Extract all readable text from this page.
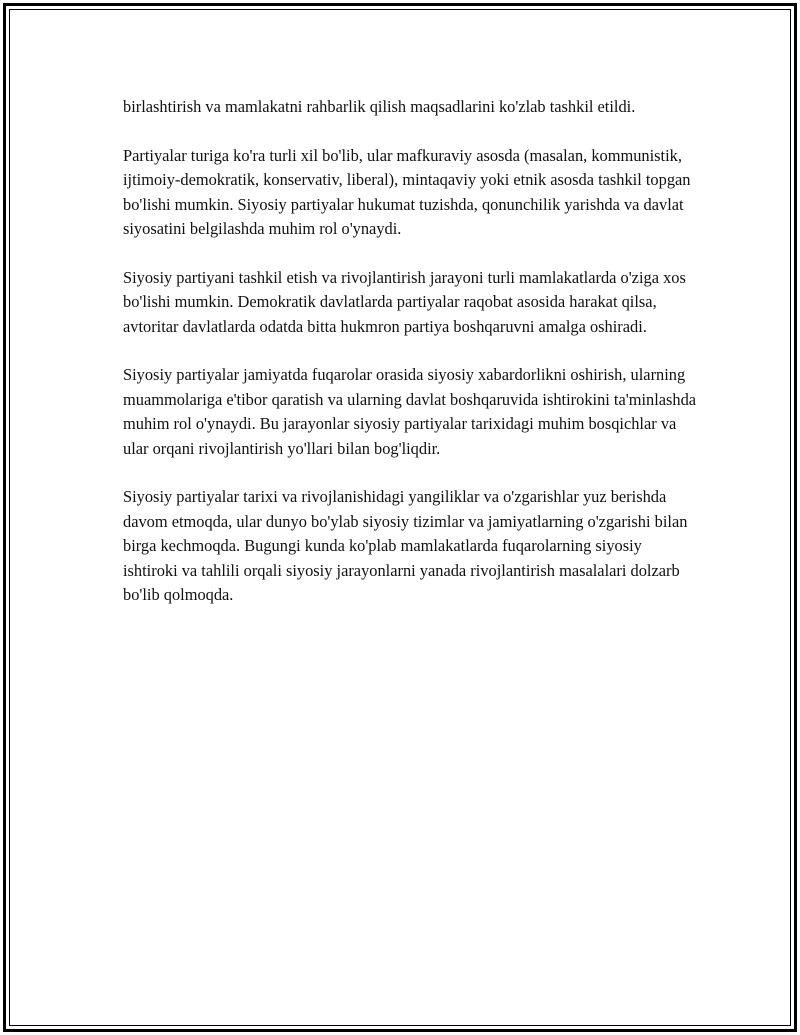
birlashtirish va mamlakatni rahbarlik qilish maqsadlarini ko'zlab tashkil etildi.

Partiyalar turiga ko'ra turli xil bo'lib, ular mafkuraviy asosda (masalan, kommunistik, ijtimoiy-demokratik, konservativ, liberal), mintaqaviy yoki etnik asosda tashkil topgan bo'lishi mumkin. Siyosiy partiyalar hukumat tuzishda, qonunchilik yarishda va davlat siyosatini belgilashda muhim rol o'ynaydi.

Siyosiy partiyani tashkil etish va rivojlantirish jarayoni turli mamlakatlarda o'ziga xos bo'lishi mumkin. Demokratik davlatlarda partiyalar raqobat asosida harakat qilsa, avtoritar davlatlarda odatda bitta hukmron partiya boshqaruvni amalga oshiradi.

Siyosiy partiyalar jamiyatda fuqarolar orasida siyosiy xabardorlikni oshirish, ularning muammolariga e'tibor qaratish va ularning davlat boshqaruvida ishtirokini ta'minlashda muhim rol o'ynaydi. Bu jarayonlar siyosiy partiyalar tarixidagi muhim bosqichlar va ular orqani rivojlantirish yo'llari bilan bog'liqdir.

Siyosiy partiyalar tarixi va rivojlanishidagi yangiliklar va o'zgarishlar yuz berishda davom etmoqda, ular dunyo bo'ylab siyosiy tizimlar va jamiyatlarning o'zgarishi bilan birga kechmoqda. Bugungi kunda ko'plab mamlakatlarda fuqarolarning siyosiy ishtiroki va tahlili orqali siyosiy jarayonlarni yanada rivojlantirish masalalari dolzarb bo'lib qolmoqda.
